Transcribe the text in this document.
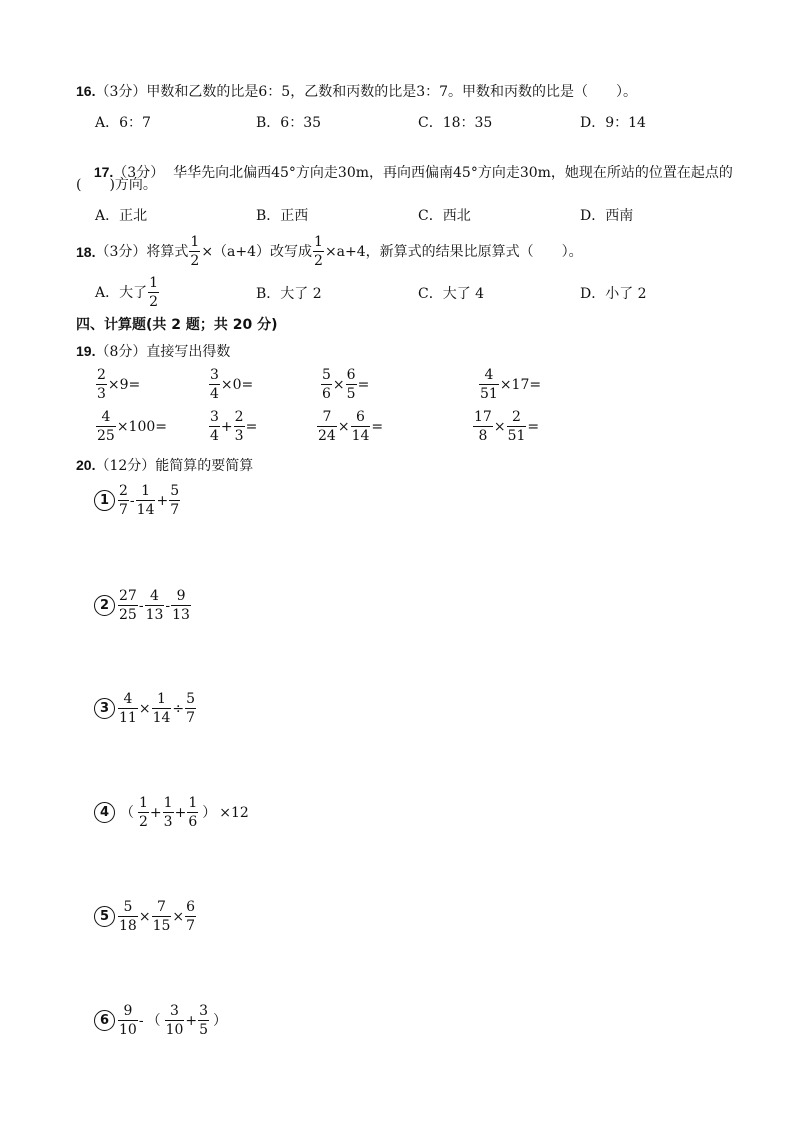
16.（3分）甲数和乙数的比是6：5，乙数和丙数的比是3：7。甲数和丙数的比是（　　）。
A．6：7	B．6：35	C．18：35	D．9：14

17.（3分）  华华先向北偏西45°方向走30m，再向西偏南45°方向走30m，她现在所站的位置在起点的

(　　)方向。
A．正北	B．正西	C．西北	D．西南
18 . （3分） 将算式 $\frac{1}{2} \times(a+4)$改写成 $\frac{1}{2} \times a+4$，新算式的结果比原算式（　　）。
A．大了 $\frac{1}{2}$	B．大了 2	C．大了 4	D．小了 2
四、计算题(共 2 题；共 20 分)
19.（8分）直接写出得数
$\frac{2}{3} \times 9=$	$\frac{3}{4} \times 0=$	$\frac{5}{6} \times \frac{6}{5}$ =	$\frac{4}{51} \times 17=$
$\frac{4}{25} \times 100=$	$\frac{3}{4} + \frac{2}{3}$ =	$\frac{7}{24} \times \frac{6}{14}$ =	$\frac{17}{8} \times \frac{2}{51}$ =
20.（12分）能简算的要简算
$1 \frac{2}{7} - \frac{1}{14} + \frac{5}{7}$
$2 \frac{27}{25} - \frac{4}{13} - \frac{9}{13}$
$3 \frac{4}{11} \times \frac{1}{14} \div \frac{5}{7}$
4 （ $\frac{1}{2} + \frac{1}{3} + \frac{1}{6}$ ） ×12
$5 \frac{5}{18} \times \frac{7}{15} \times \frac{6}{7}$
$6 \frac{9}{10}$ - （ $\frac{3}{10} + \frac{3}{5}$ ）
